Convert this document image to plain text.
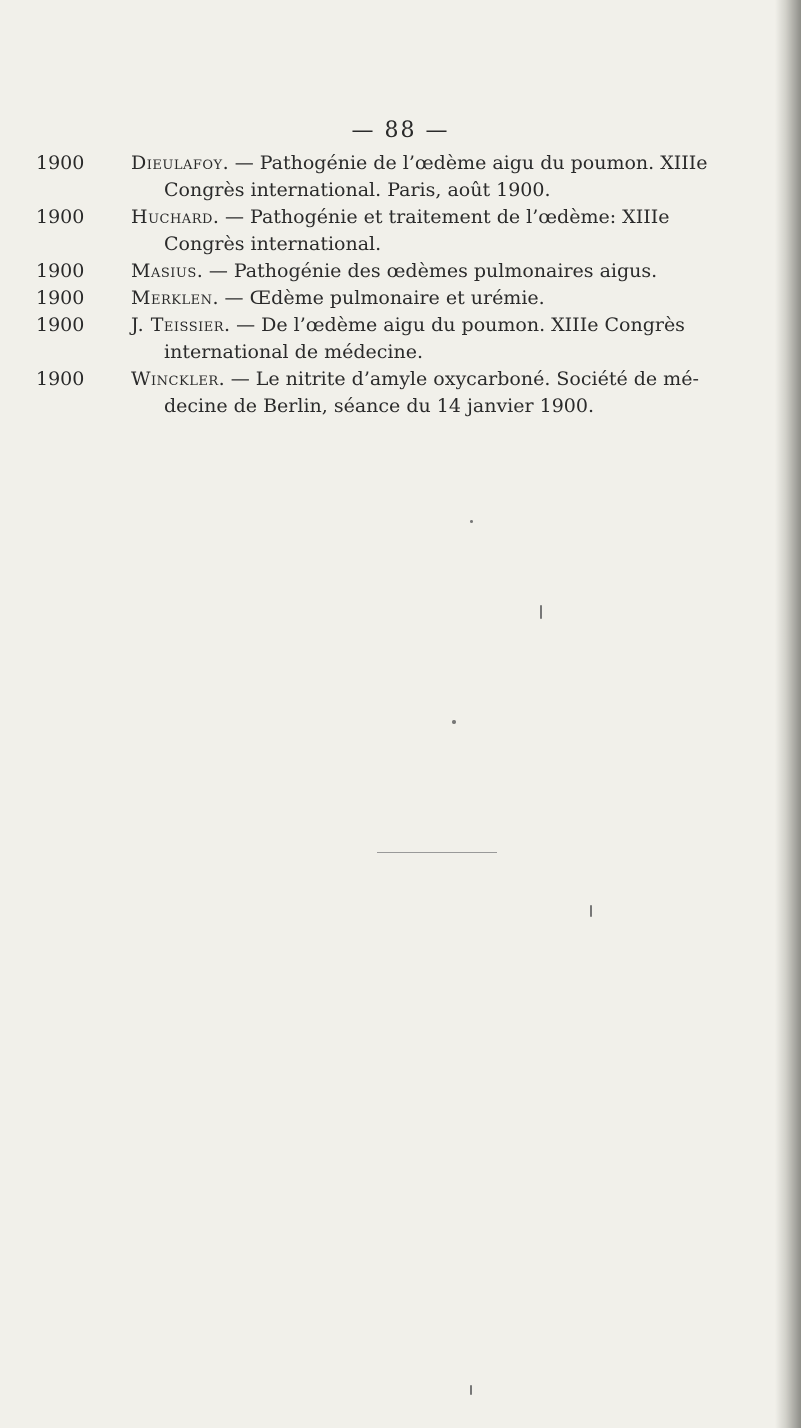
— 88 —
1900	Dieulafoy. — Pathogénie de l’œdème aigu du poumon. XIIIe
Congrès international. Paris, août 1900.
1900	Huchard. — Pathogénie et traitement de l’œdème: XIIIe
Congrès international.
1900	Masius. — Pathogénie des œdèmes pulmonaires aigus.
1900	Merklen. — Œdème pulmonaire et urémie.
1900	J. Teissier. — De l’œdème aigu du poumon. XIIIe Congrès
international de médecine.
1900	Winckler. — Le nitrite d’amyle oxycarboné. Société de mé-
decine de Berlin, séance du 14 janvier 1900.
